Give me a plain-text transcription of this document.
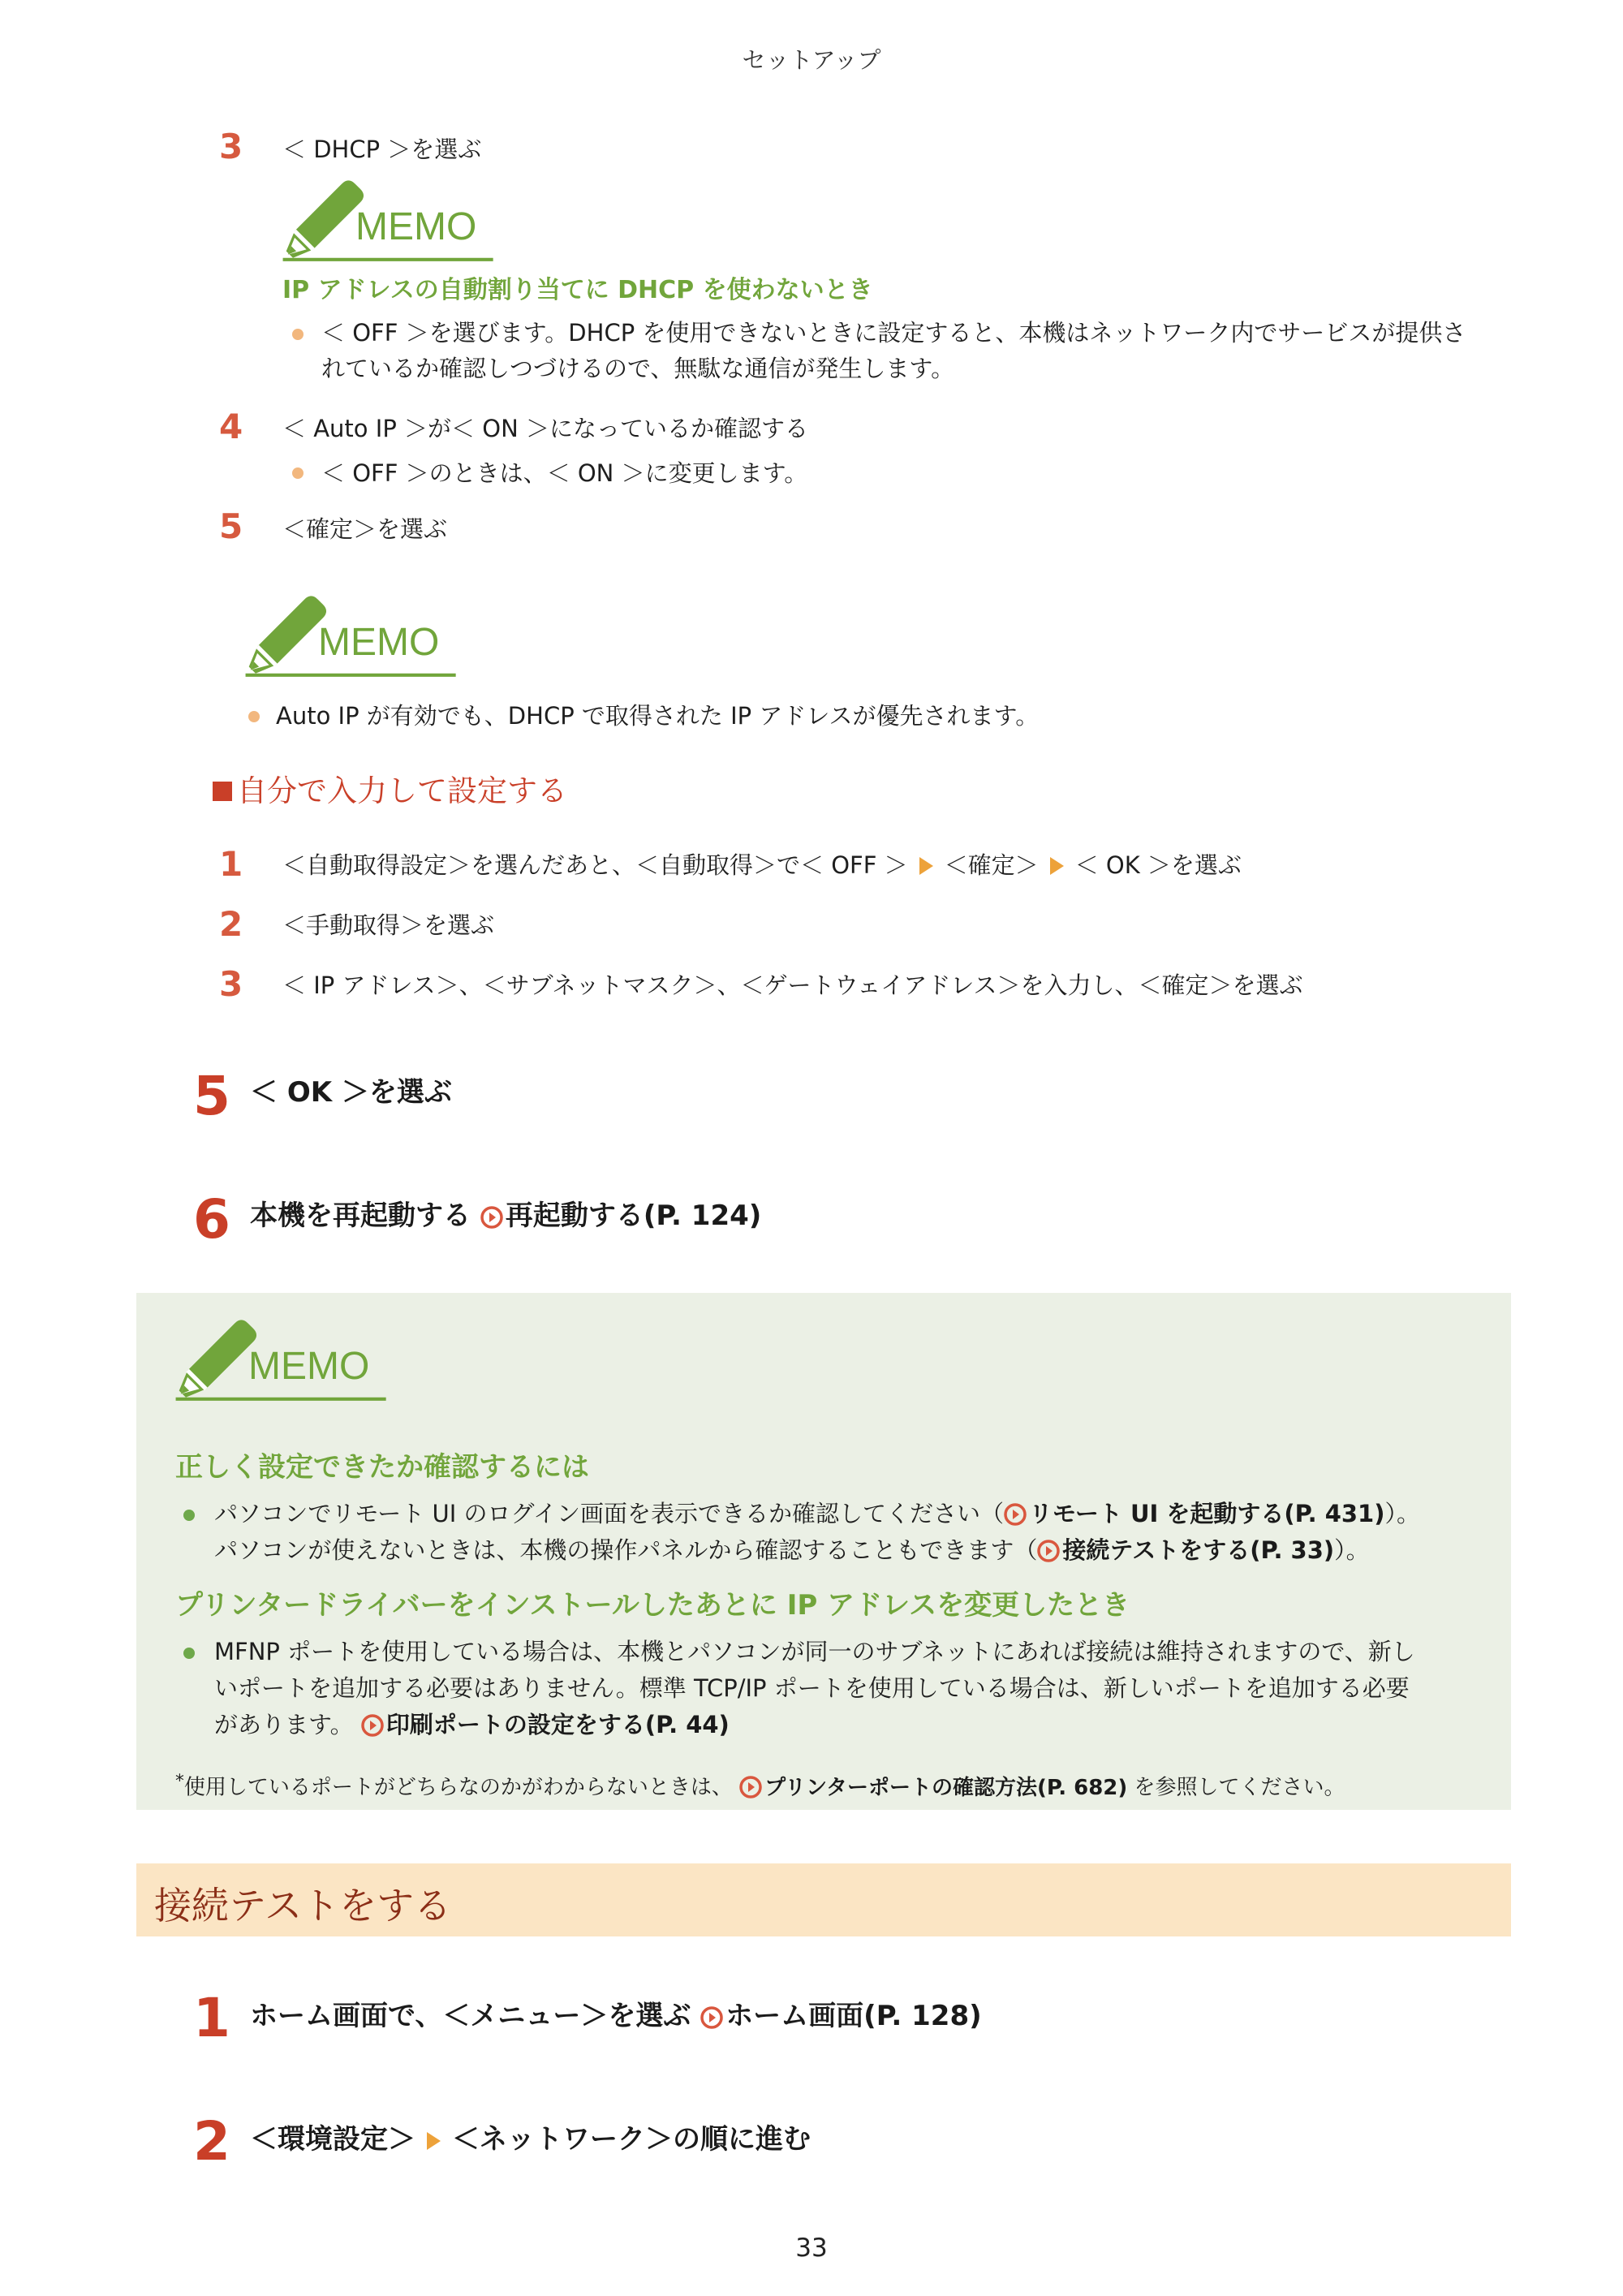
セットアップ
3 ＜ DHCP ＞を選ぶ
MEMO
IP アドレスの自動割り当てに DHCP を使わないとき
＜ OFF ＞を選びます。DHCP を使用できないときに設定すると、本機はネットワーク内でサービスが提供さ
れているか確認しつづけるので、無駄な通信が発生します。
4 ＜ Auto IP ＞が＜ ON ＞になっているか確認する
＜ OFF ＞のときは、＜ ON ＞に変更します。
5 ＜確定＞を選ぶ
MEMO
Auto IP が有効でも、DHCP で取得された IP アドレスが優先されます。
自分で入力して設定する
1 ＜自動取得設定＞を選んだあと、＜自動取得＞で＜ OFF ＞ ＜確定＞ ＜ OK ＞を選ぶ
2 ＜手動取得＞を選ぶ
3 ＜ IP アドレス＞、＜サブネットマスク＞、＜ゲートウェイアドレス＞を入力し、＜確定＞を選ぶ
5 ＜ OK ＞を選ぶ
6 本機を再起動する 再起動する(P. 124)
MEMO
正しく設定できたか確認するには
パソコンでリモート UI のログイン画面を表示できるか確認してください（ リモート UI を起動する(P. 431)）。
パソコンが使えないときは、本機の操作パネルから確認することもできます（ 接続テストをする(P. 33)）。
プリンタードライバーをインストールしたあとに IP アドレスを変更したとき
MFNP ポートを使用している場合は、本機とパソコンが同一のサブネットにあれば接続は維持されますので、新し
いポートを追加する必要はありません。標準 TCP/IP ポートを使用している場合は、新しいポートを追加する必要
があります。 印刷ポートの設定をする(P. 44)
*使用しているポートがどちらなのかがわからないときは、 プリンターポートの確認方法(P. 682) を参照してください。
接続テストをする
1 ホーム画面で、＜メニュー＞を選ぶ ホーム画面(P. 128)
2 ＜環境設定＞ ＜ネットワーク＞の順に進む
33
